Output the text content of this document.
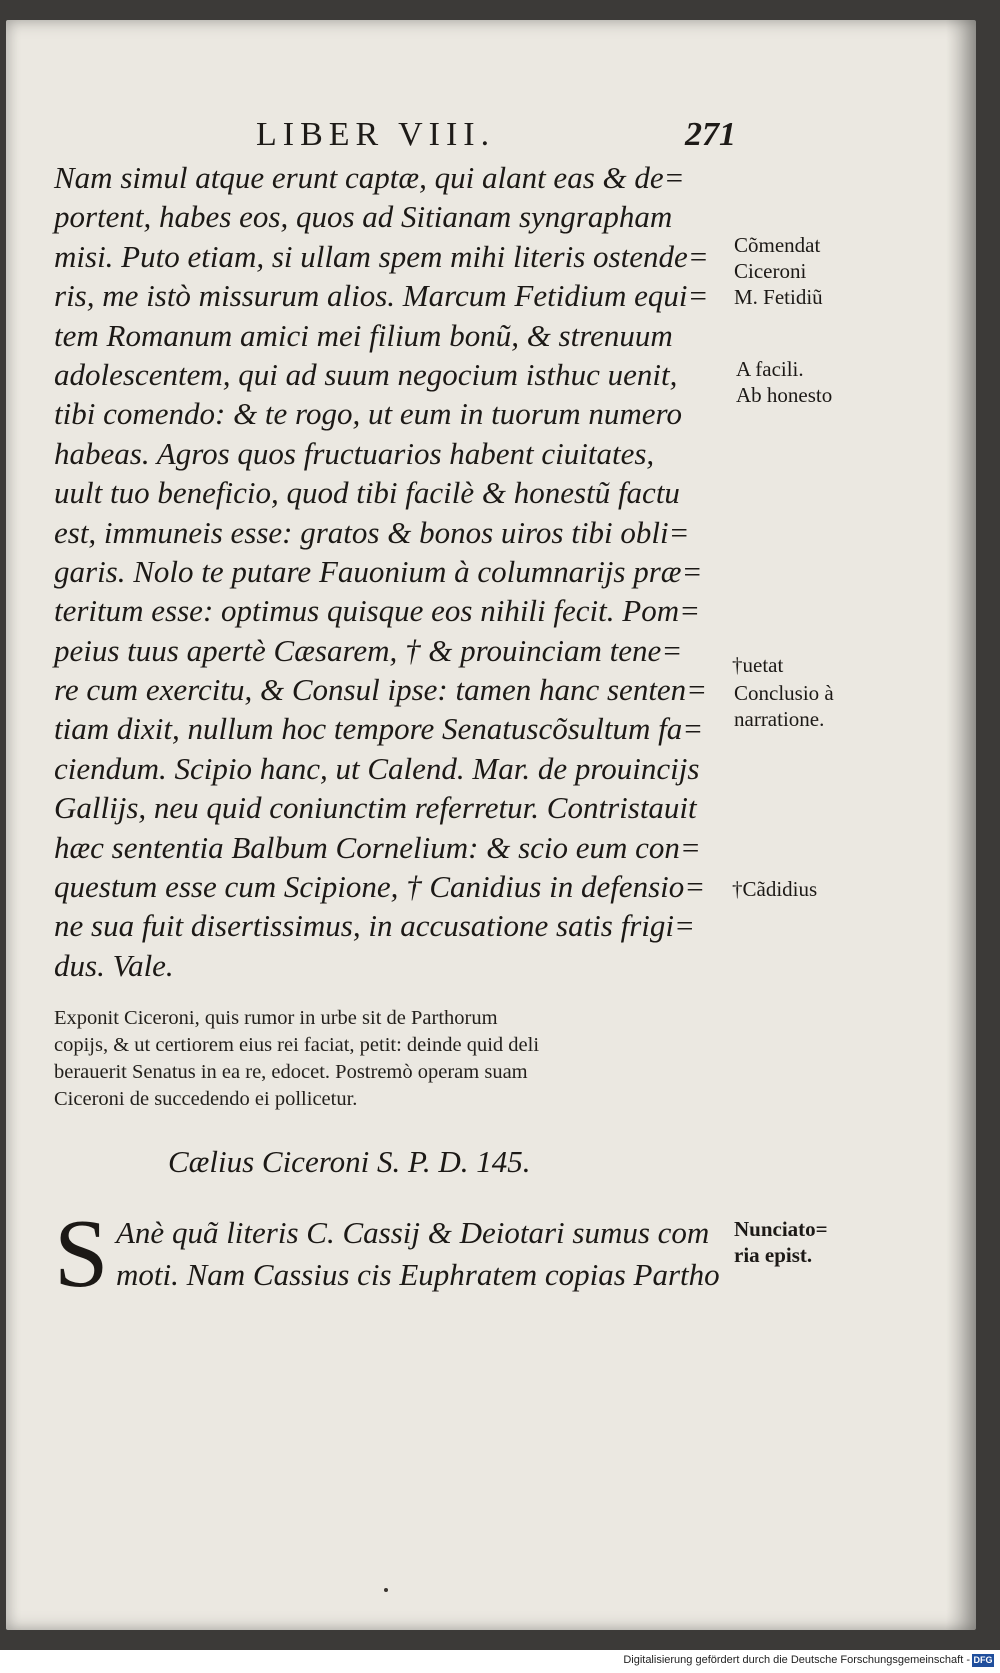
LIBER VIII.	271
Nam simul atque erunt captæ, qui alant eas & de=
portent, habes eos, quos ad Sitianam syngrapham
misi. Puto etiam, si ullam spem mihi literis ostende=
ris, me istò missurum alios. Marcum Fetidium equi=
tem Romanum amici mei filium bonũ, & strenuum
adolescentem, qui ad suum negocium isthuc uenit,
tibi comendo: & te rogo, ut eum in tuorum numero
habeas. Agros quos fructuarios habent ciuitates,
uult tuo beneficio, quod tibi facilè & honestũ factu
est, immuneis esse: gratos & bonos uiros tibi obli=
garis. Nolo te putare Fauonium à columnarijs præ=
teritum esse: optimus quisque eos nihili fecit. Pom=
peius tuus apertè Cæsarem, † & prouinciam tene=
re cum exercitu, & Consul ipse: tamen hanc senten=
tiam dixit, nullum hoc tempore Senatuscõsultum fa=
ciendum. Scipio hanc, ut Calend. Mar. de prouincijs
Gallijs, neu quid coniunctim referretur. Contristauit
hæc sententia Balbum Cornelium: & scio eum con=
questum esse cum Scipione, † Canidius in defensio=
ne sua fuit disertissimus, in accusatione satis frigi=
dus. Vale.
Cõmendat
Ciceroni
M. Fetidiũ
A facili.
Ab honesto
†uetat
Conclusio à
narratione.
†Cãdidius
Exponit Ciceroni, quis rumor in urbe sit de Parthorum
copijs, & ut certiorem eius rei faciat, petit: deinde quid deli
berauerit Senatus in ea re, edocet. Postremò operam suam
Ciceroni de succedendo ei pollicetur.
Cælius Ciceroni S. P. D. 145.
S Anè quã literis C. Cassij & Deiotari sumus com
moti. Nam Cassius cis Euphratem copias Partho
Nunciato=
ria epist.
Digitalisierung gefördert durch die Deutsche Forschungsgemeinschaft - DFG
